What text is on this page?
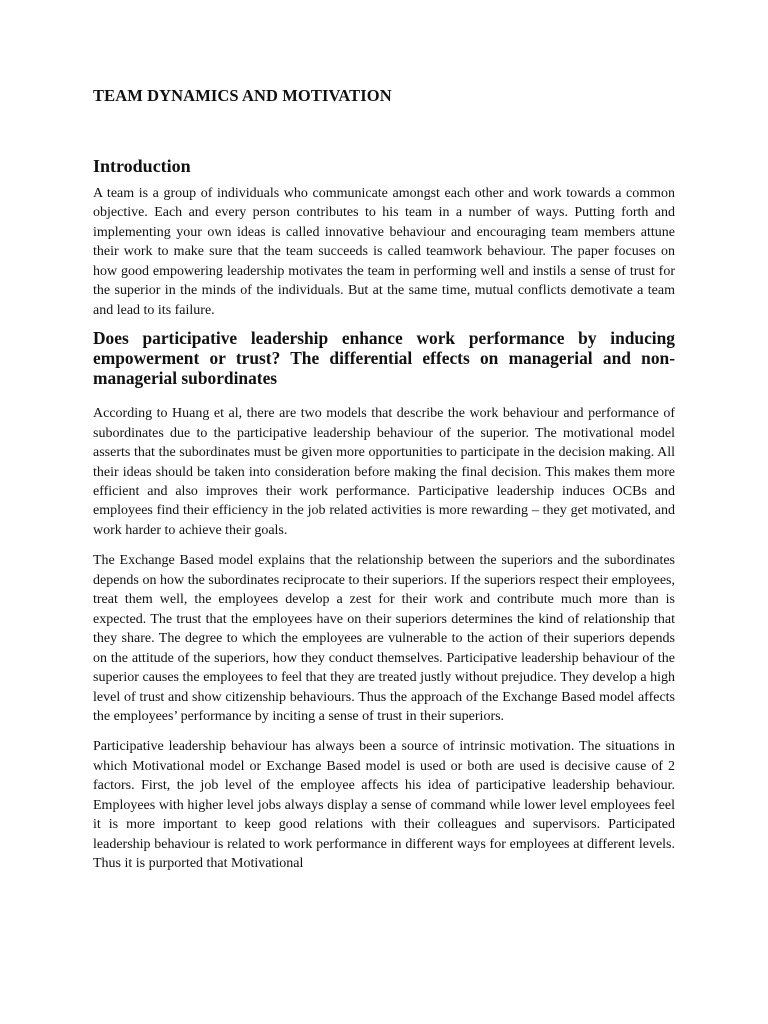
TEAM DYNAMICS AND MOTIVATION
Introduction

A team is a group of individuals who communicate amongst each other and work towards a common objective. Each and every person contributes to his team in a number of ways. Putting forth and implementing your own ideas is called innovative behaviour and encouraging team members attune their work to make sure that the team succeeds is called teamwork behaviour. The paper focuses on how good empowering leadership motivates the team in performing well and instils a sense of trust for the superior in the minds of the individuals. But at the same time, mutual conflicts demotivate a team and lead to its failure.

Does participative leadership enhance work performance by inducing empowerment or trust? The differential effects on managerial and non-managerial subordinates

According to Huang et al, there are two models that describe the work behaviour and performance of subordinates due to the participative leadership behaviour of the superior. The motivational model asserts that the subordinates must be given more opportunities to participate in the decision making. All their ideas should be taken into consideration before making the final decision. This makes them more efficient and also improves their work performance. Participative leadership induces OCBs and employees find their efficiency in the job related activities is more rewarding – they get motivated, and work harder to achieve their goals.

The Exchange Based model explains that the relationship between the superiors and the subordinates depends on how the subordinates reciprocate to their superiors. If the superiors respect their employees, treat them well, the employees develop a zest for their work and contribute much more than is expected. The trust that the employees have on their superiors determines the kind of relationship that they share. The degree to which the employees are vulnerable to the action of their superiors depends on the attitude of the superiors, how they conduct themselves. Participative leadership behaviour of the superior causes the employees to feel that they are treated justly without prejudice. They develop a high level of trust and show citizenship behaviours. Thus the approach of the Exchange Based model affects the employees’ performance by inciting a sense of trust in their superiors.

Participative leadership behaviour has always been a source of intrinsic motivation. The situations in which Motivational model or Exchange Based model is used or both are used is decisive cause of 2 factors. First, the job level of the employee affects his idea of participative leadership behaviour. Employees with higher level jobs always display a sense of command while lower level employees feel it is more important to keep good relations with their colleagues and supervisors. Participated leadership behaviour is related to work performance in different ways for employees at different levels. Thus it is purported that Motivational
